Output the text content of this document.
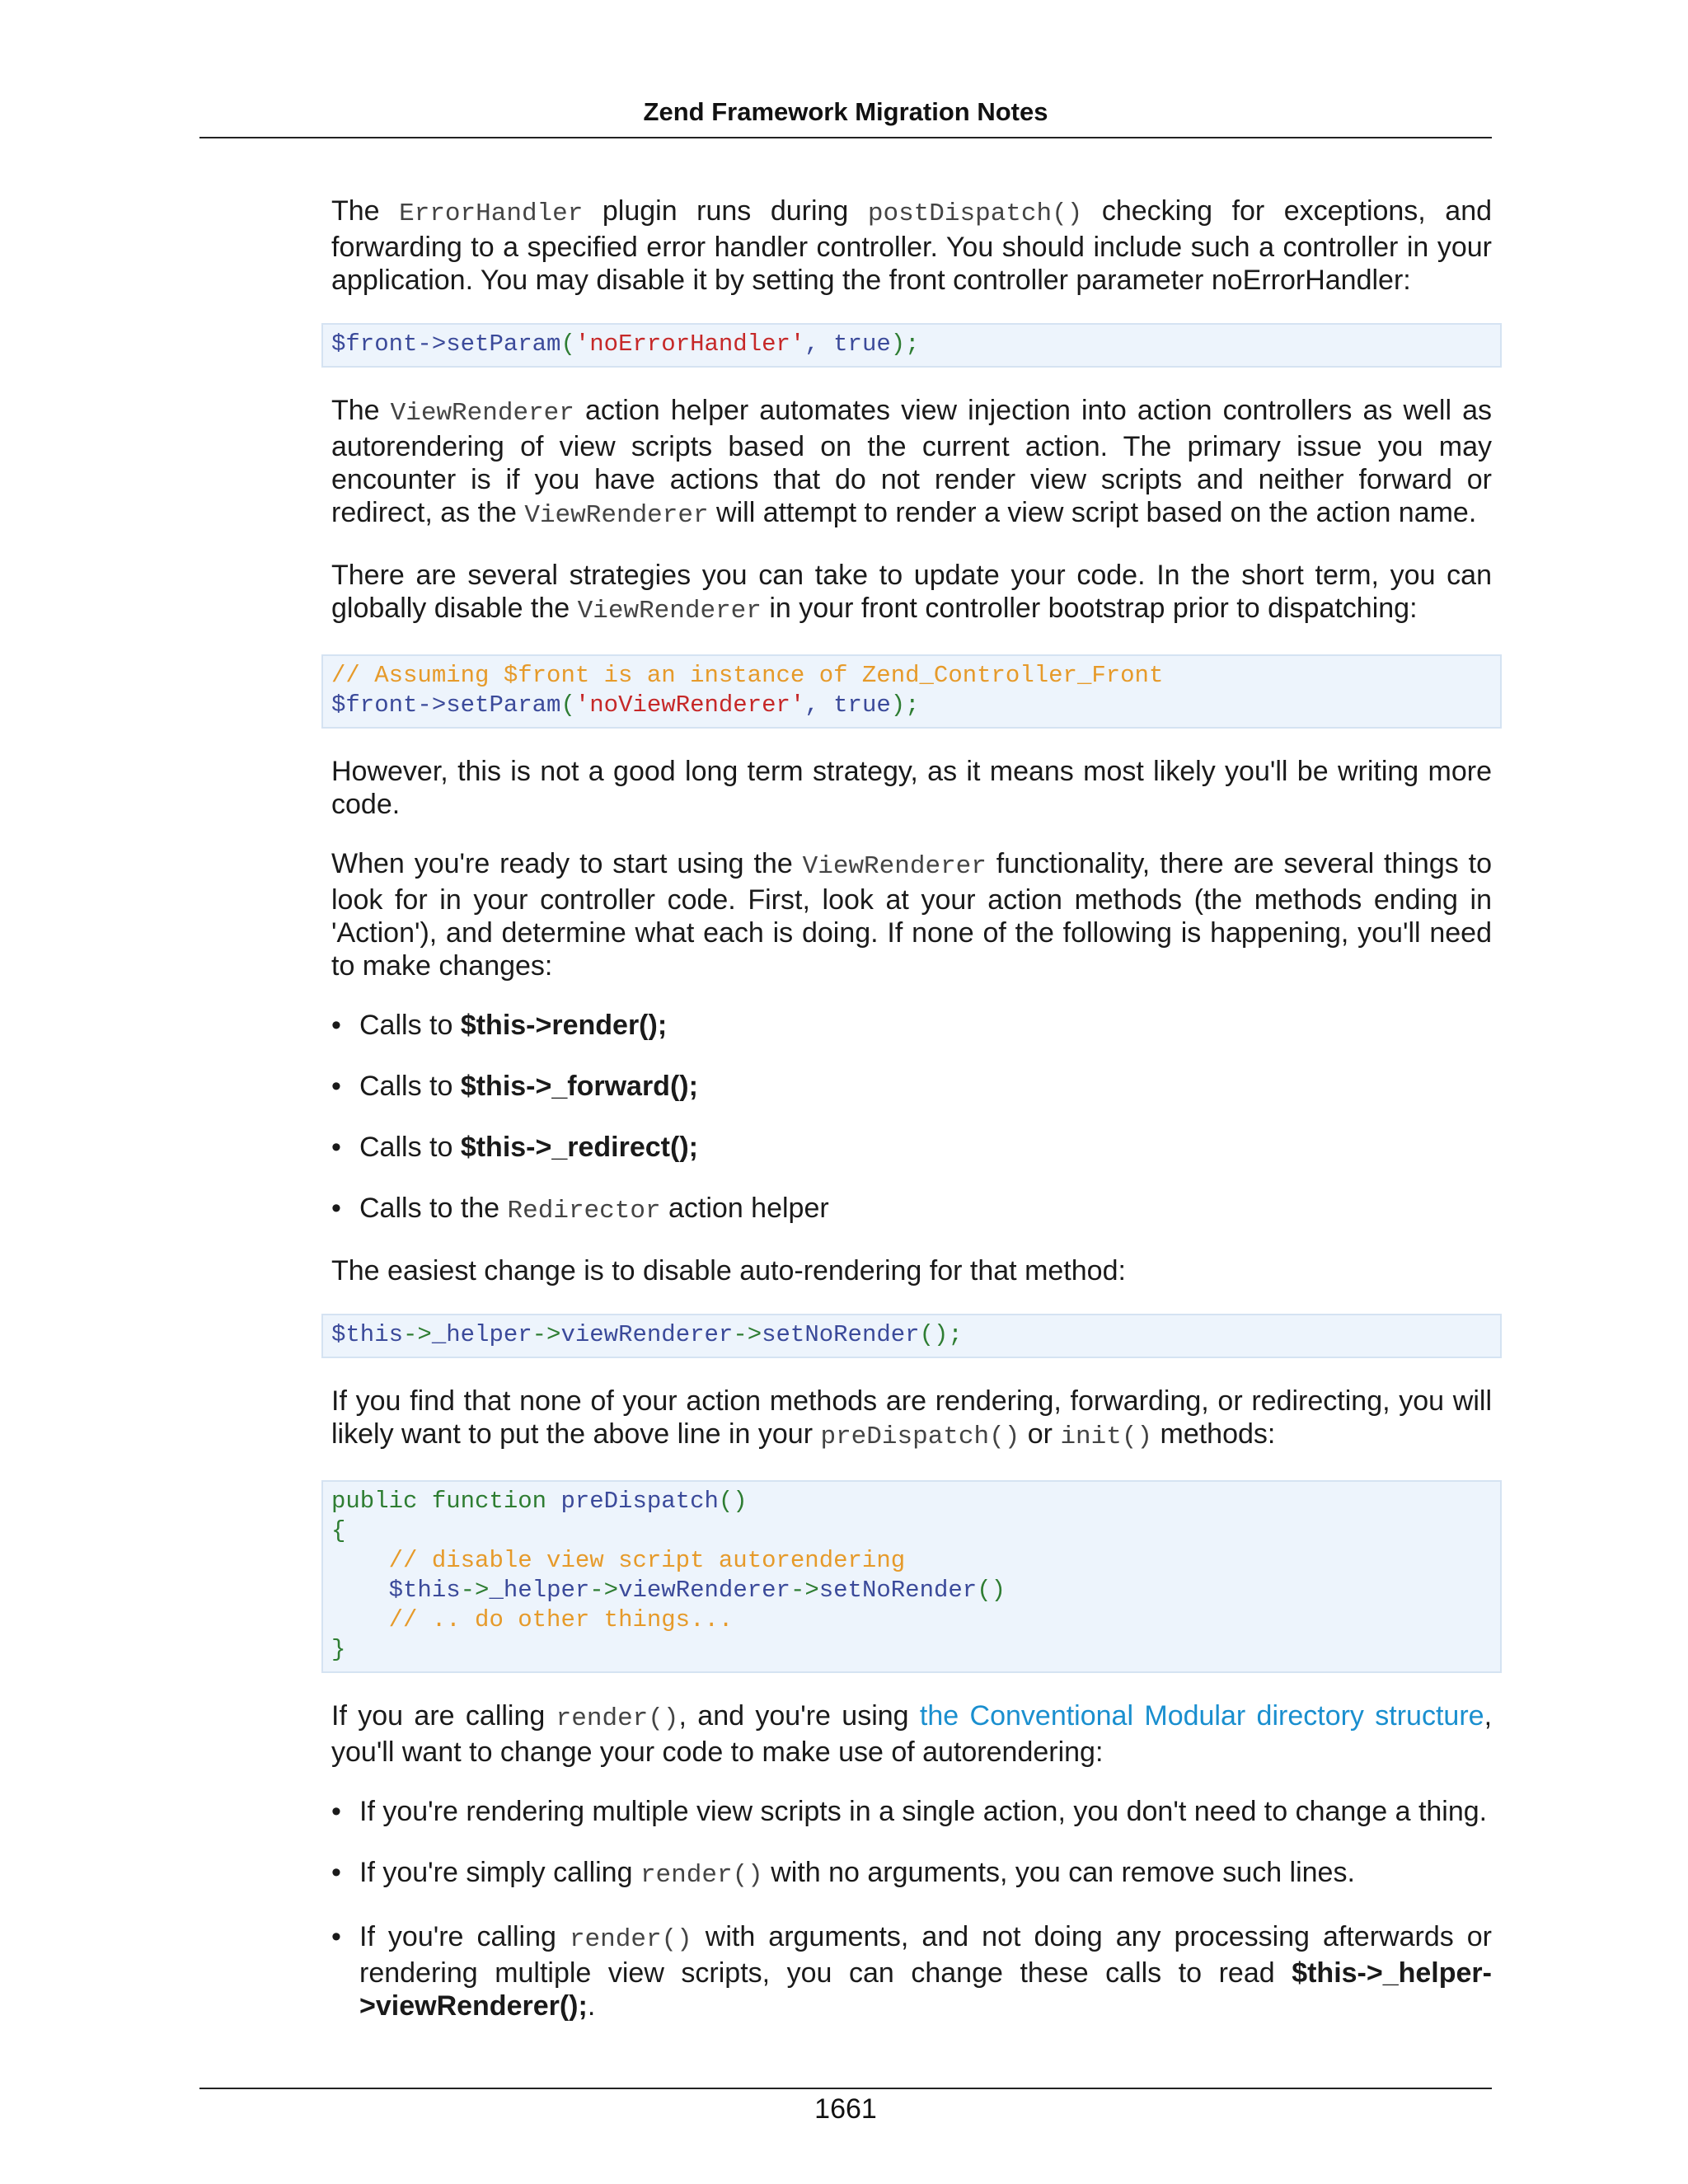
Zend Framework Migration Notes

The ErrorHandler plugin runs during postDispatch() checking for exceptions, and forwarding to a specified error handler controller. You should include such a controller in your application. You may disable it by setting the front controller parameter noErrorHandler:

$front->setParam('noErrorHandler', true);

The ViewRenderer action helper automates view injection into action controllers as well as autorendering of view scripts based on the current action. The primary issue you may encounter is if you have actions that do not render view scripts and neither forward or redirect, as the ViewRenderer will attempt to render a view script based on the action name.

There are several strategies you can take to update your code. In the short term, you can globally disable the ViewRenderer in your front controller bootstrap prior to dispatching:

// Assuming $front is an instance of Zend_Controller_Front
$front->setParam('noViewRenderer', true);

However, this is not a good long term strategy, as it means most likely you'll be writing more code.

When you're ready to start using the ViewRenderer functionality, there are several things to look for in your controller code. First, look at your action methods (the methods ending in 'Action'), and determine what each is doing. If none of the following is happening, you'll need to make changes:

• Calls to $this->render();
• Calls to $this->_forward();
• Calls to $this->_redirect();
• Calls to the Redirector action helper

The easiest change is to disable auto-rendering for that method:

$this->_helper->viewRenderer->setNoRender();

If you find that none of your action methods are rendering, forwarding, or redirecting, you will likely want to put the above line in your preDispatch() or init() methods:

public function preDispatch()
{
// disable view script autorendering
$this->_helper->viewRenderer->setNoRender()
// .. do other things...
}

If you are calling render(), and you're using the Conventional Modular directory structure, you'll want to change your code to make use of autorendering:

• If you're rendering multiple view scripts in a single action, you don't need to change a thing.
• If you're simply calling render() with no arguments, you can remove such lines.
• If you're calling render() with arguments, and not doing any processing afterwards or rendering multiple view scripts, you can change these calls to read $this->_helper->viewRenderer();.
1661
